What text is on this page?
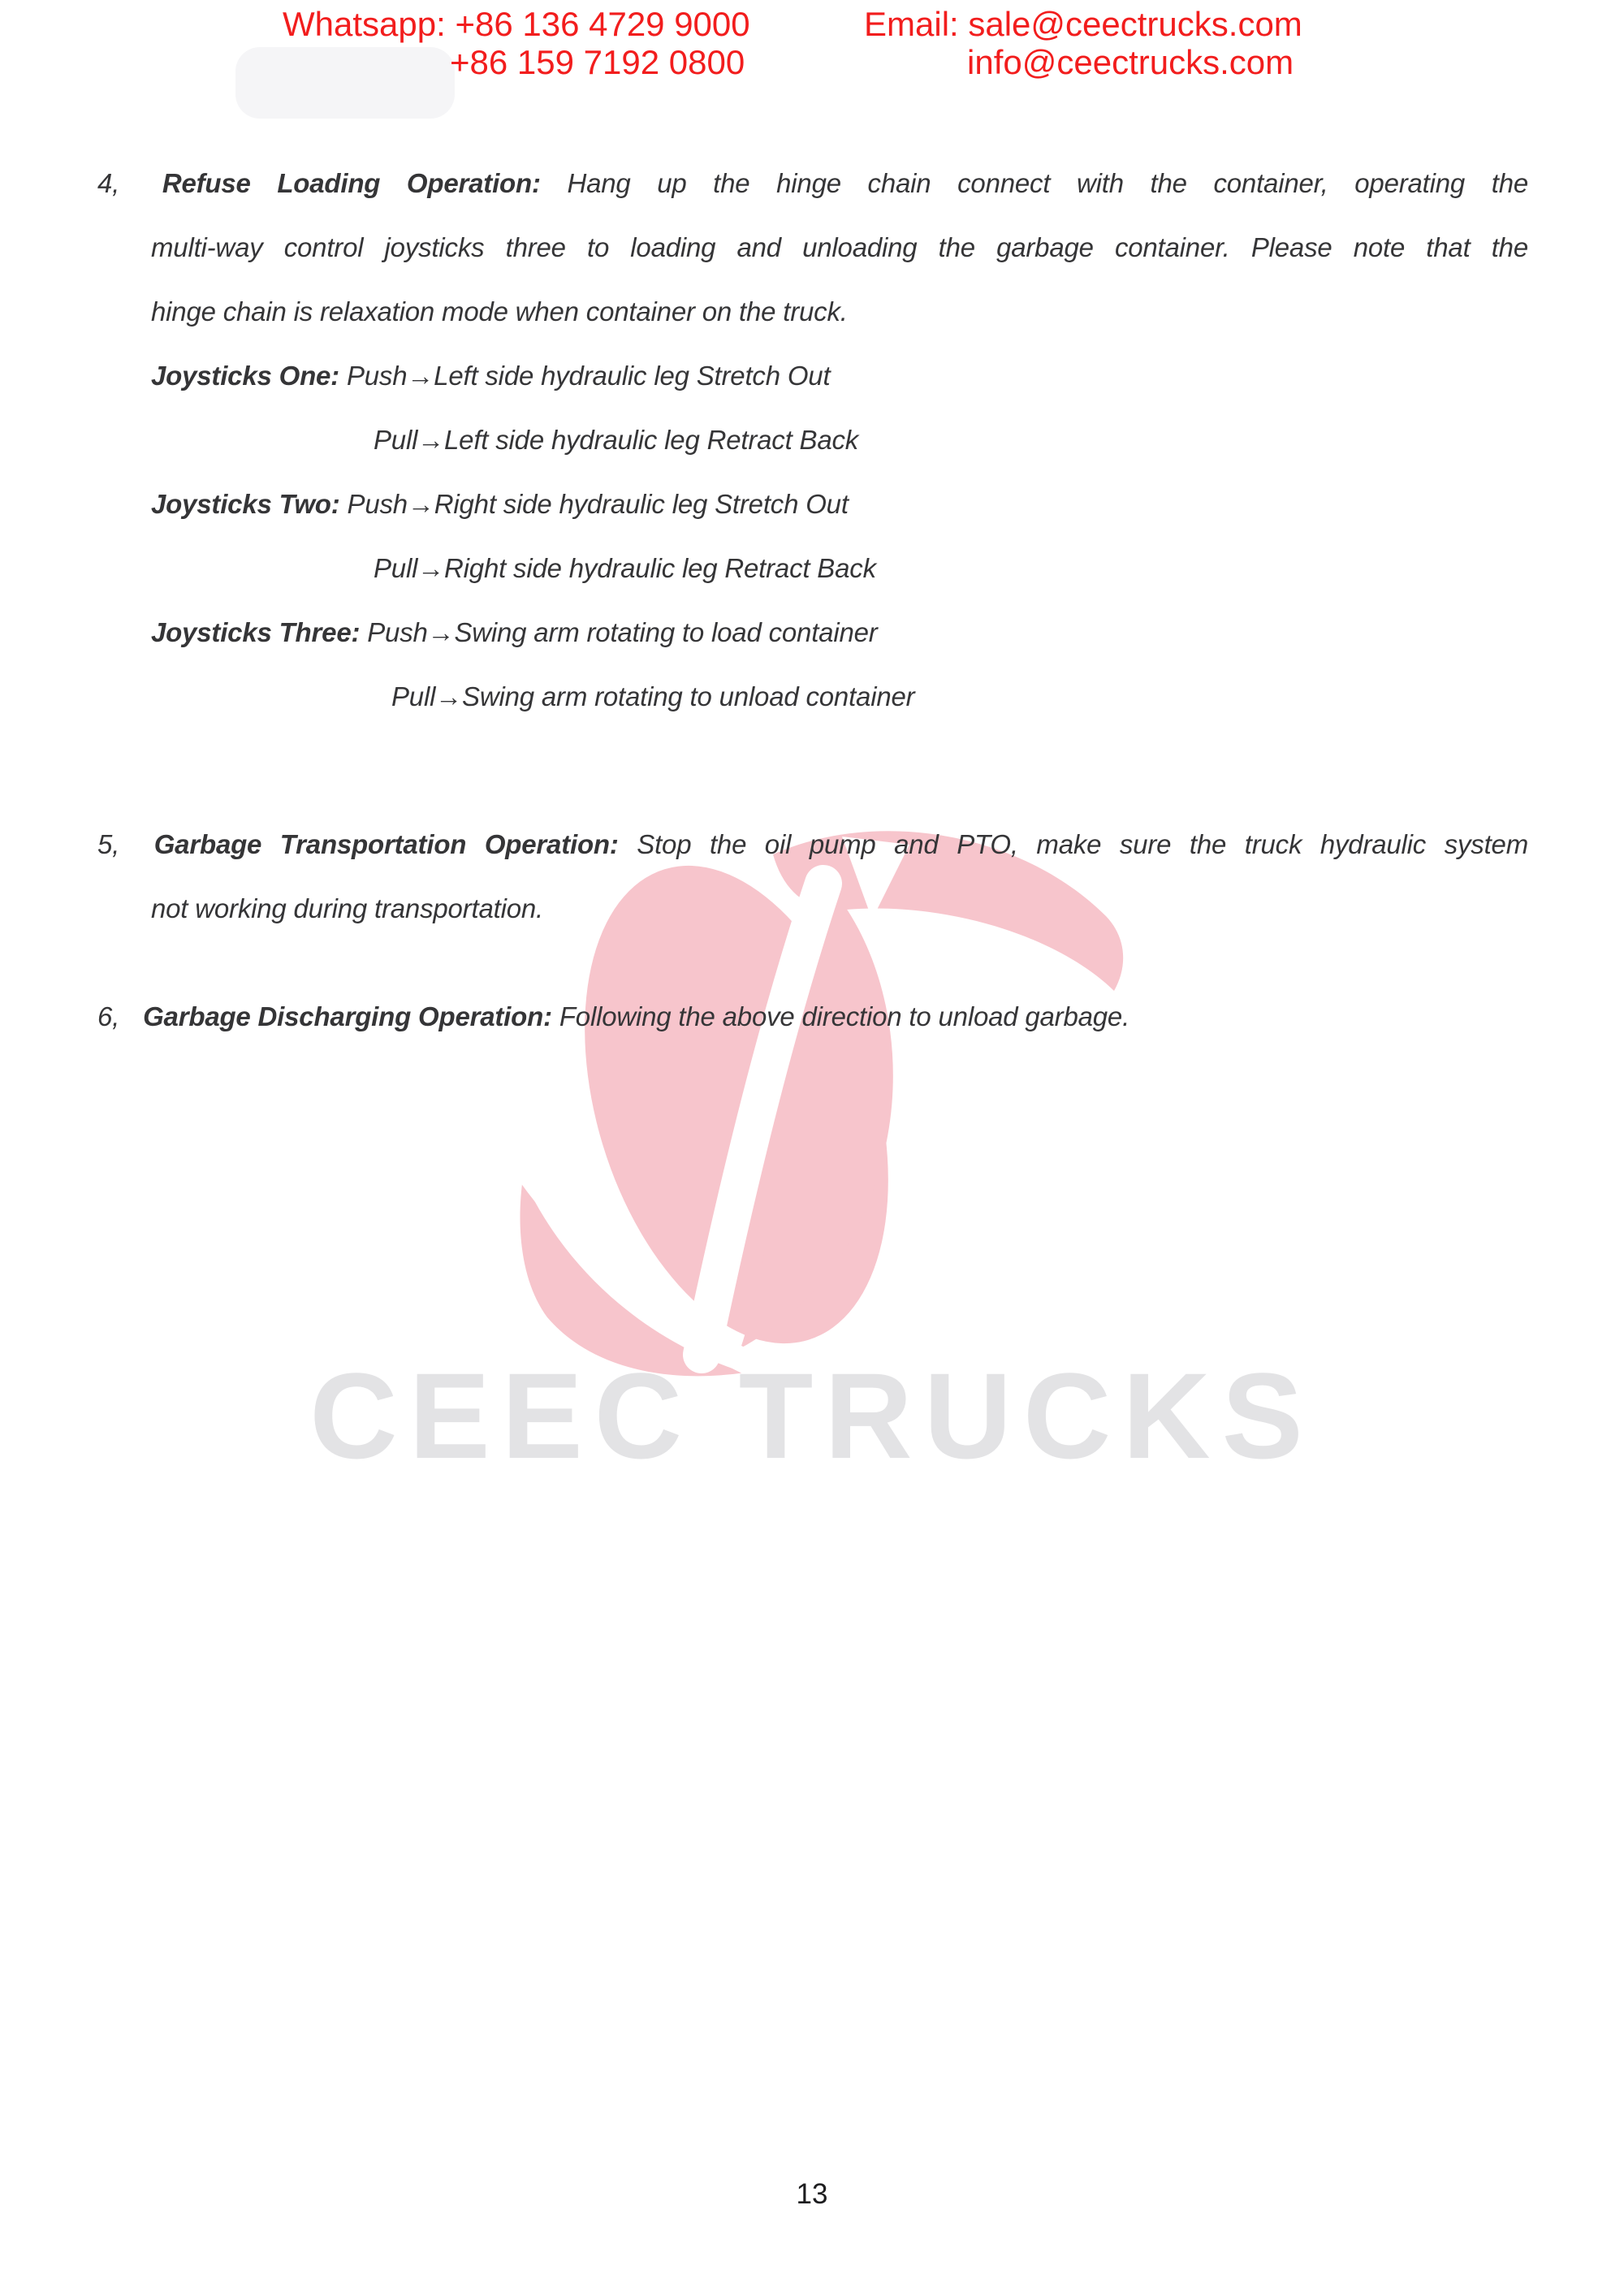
Whatsapp: +86 136 4729 9000
+86 159 7192 0800
Email: sale@ceectrucks.com
info@ceectrucks.com
CEEC TRUCKS
4 , Refuse Loading Operation: Hang up the hinge chain connect with the container, operating the
multi-way control joysticks three to loading and unloading the garbage container. Please note that the
hinge chain is relaxation mode when container on the truck.
Joysticks One: Push→Left side hydraulic leg Stretch Out
Pull→Left side hydraulic leg Retract Back
Joysticks Two: Push→Right side hydraulic leg Stretch Out
Pull→Right side hydraulic leg Retract Back
Joysticks Three: Push→Swing arm rotating to load container
Pull→Swing arm rotating to unload container
5 , Garbage Transportation Operation: Stop the oil pump and PTO, make sure the truck hydraulic system
not working during transportation.
6 , Garbage Discharging Operation: Following the above direction to unload garbage.
13
